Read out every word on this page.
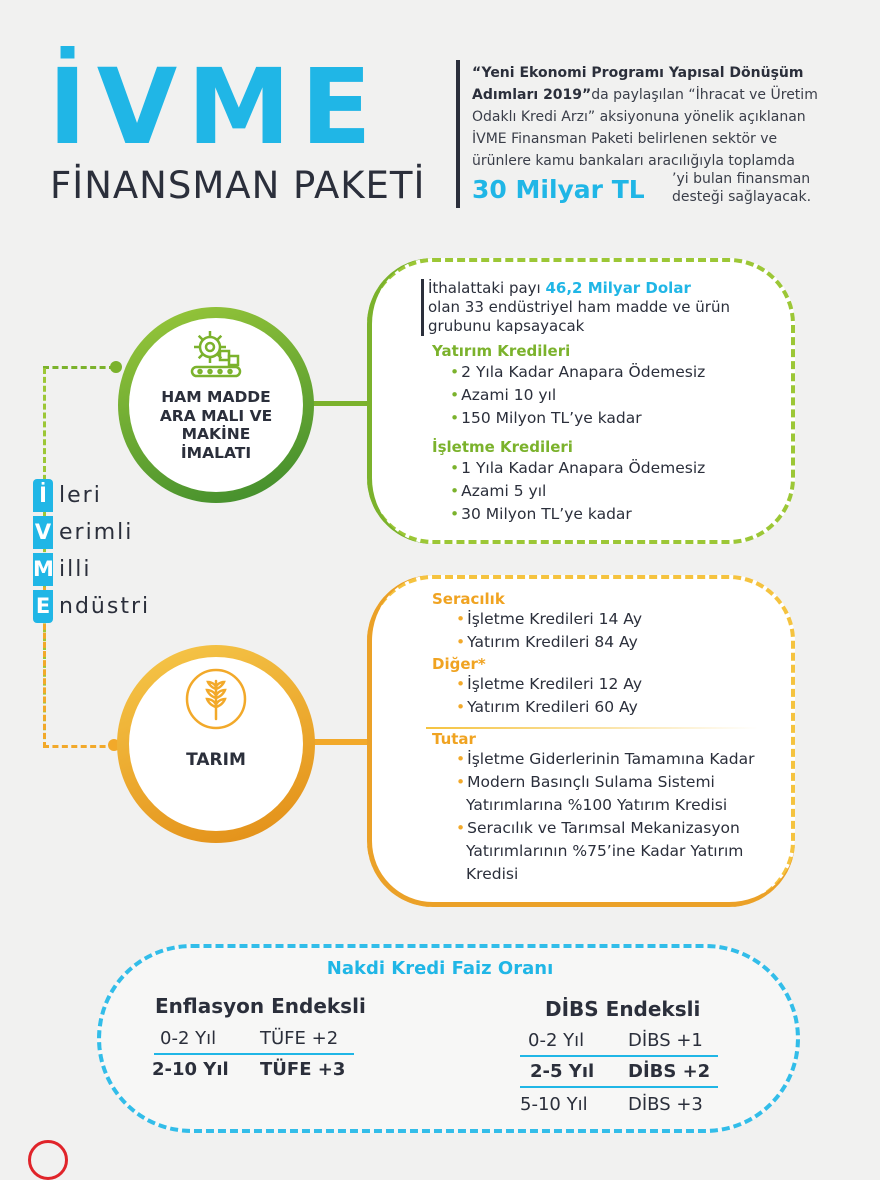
İVME
FİNANSMAN PAKETİ
“Yeni Ekonomi Programı Yapısal Dönüşüm Adımları 2019”da paylaşılan “İhracat ve Üretim Odaklı Kredi Arzı” aksiyonuna yönelik açıklanan İVME Finansman Paketi belirlenen sektör ve ürünlere kamu bankaları aracılığıyla toplamda
30 Milyar TL ’yi bulan finansman desteği sağlayacak.
İ leri
V erimli
M illi
E ndüstri
HAM MADDE
ARA MALI VE
MAKİNE
İMALATI
İthalattaki payı 46,2 Milyar Dolar
olan 33 endüstriyel ham madde ve ürün grubunu kapsayacak
Yatırım Kredileri
• 2 Yıla Kadar Anapara Ödemesiz
• Azami 10 yıl
• 150 Milyon TL’ye kadar
İşletme Kredileri
• 1 Yıla Kadar Anapara Ödemesiz
• Azami 5 yıl
• 30 Milyon TL’ye kadar
TARIM
Seracılık
• İşletme Kredileri 14 Ay
• Yatırım Kredileri 84 Ay
Diğer*
• İşletme Kredileri 12 Ay
• Yatırım Kredileri 60 Ay
Tutar
• İşletme Giderlerinin Tamamına Kadar
• Modern Basınçlı Sulama Sistemi Yatırımlarına %100 Yatırım Kredisi
• Seracılık ve Tarımsal Mekanizasyon Yatırımlarının %75’ine Kadar Yatırım Kredisi
Nakdi Kredi Faiz Oranı
Enflasyon Endeksli
0-2 Yıl TÜFE +2
2-10 Yıl TÜFE +3
DİBS Endeksli
0-2 Yıl DİBS +1
2-5 Yıl DİBS +2
5-10 Yıl DİBS +3
